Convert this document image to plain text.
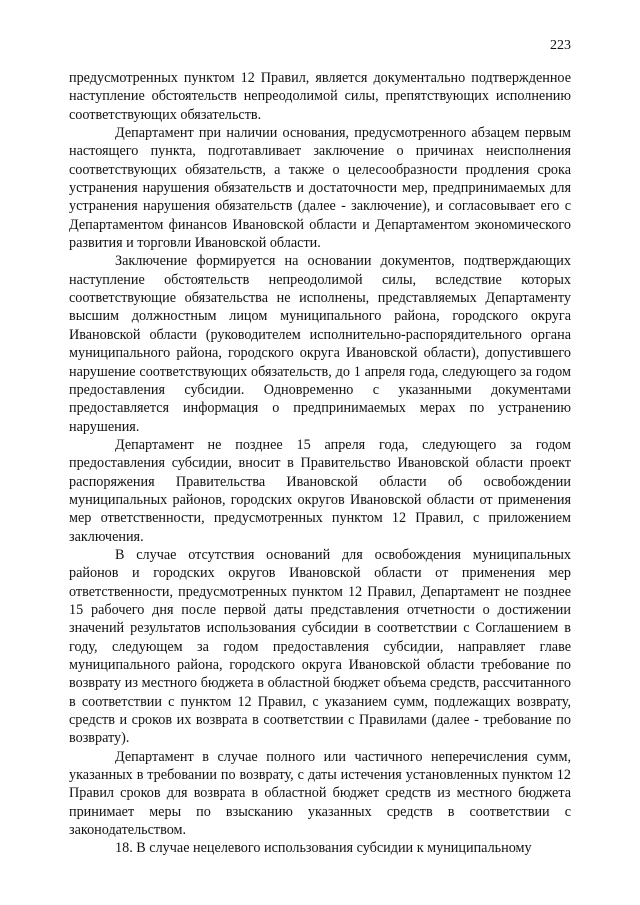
223

предусмотренных пунктом 12 Правил, является документально подтвержденное наступление обстоятельств непреодолимой силы, препятствующих исполнению соответствующих обязательств.

Департамент при наличии основания, предусмотренного абзацем первым настоящего пункта, подготавливает заключение о причинах неисполнения соответствующих обязательств, а также о целесообразности продления срока устранения нарушения обязательств и достаточности мер, предпринимаемых для устранения нарушения обязательств (далее - заключение), и согласовывает его с Департаментом финансов Ивановской области и Департаментом экономического развития и торговли Ивановской области.

Заключение формируется на основании документов, подтверждающих наступление обстоятельств непреодолимой силы, вследствие которых соответствующие обязательства не исполнены, представляемых Департаменту высшим должностным лицом муниципального района, городского округа Ивановской области (руководителем исполнительно-распорядительного органа муниципального района, городского округа Ивановской области), допустившего нарушение соответствующих обязательств, до 1 апреля года, следующего за годом предоставления субсидии. Одновременно с указанными документами предоставляется информация о предпринимаемых мерах по устранению нарушения.

Департамент не позднее 15 апреля года, следующего за годом предоставления субсидии, вносит в Правительство Ивановской области проект распоряжения Правительства Ивановской области об освобождении муниципальных районов, городских округов Ивановской области от применения мер ответственности, предусмотренных пунктом 12 Правил, с приложением заключения.

В случае отсутствия оснований для освобождения муниципальных районов и городских округов Ивановской области от применения мер ответственности, предусмотренных пунктом 12 Правил, Департамент не позднее 15 рабочего дня после первой даты представления отчетности о достижении значений результатов использования субсидии в соответствии с Соглашением в году, следующем за годом предоставления субсидии, направляет главе муниципального района, городского округа Ивановской области требование по возврату из местного бюджета в областной бюджет объема средств, рассчитанного в соответствии с пунктом 12 Правил, с указанием сумм, подлежащих возврату, средств и сроков их возврата в соответствии с Правилами (далее - требование по возврату).

Департамент в случае полного или частичного неперечисления сумм, указанных в требовании по возврату, с даты истечения установленных пунктом 12 Правил сроков для возврата в областной бюджет средств из местного бюджета принимает меры по взысканию указанных средств в соответствии с законодательством.

18. В случае нецелевого использования субсидии к муниципальному
